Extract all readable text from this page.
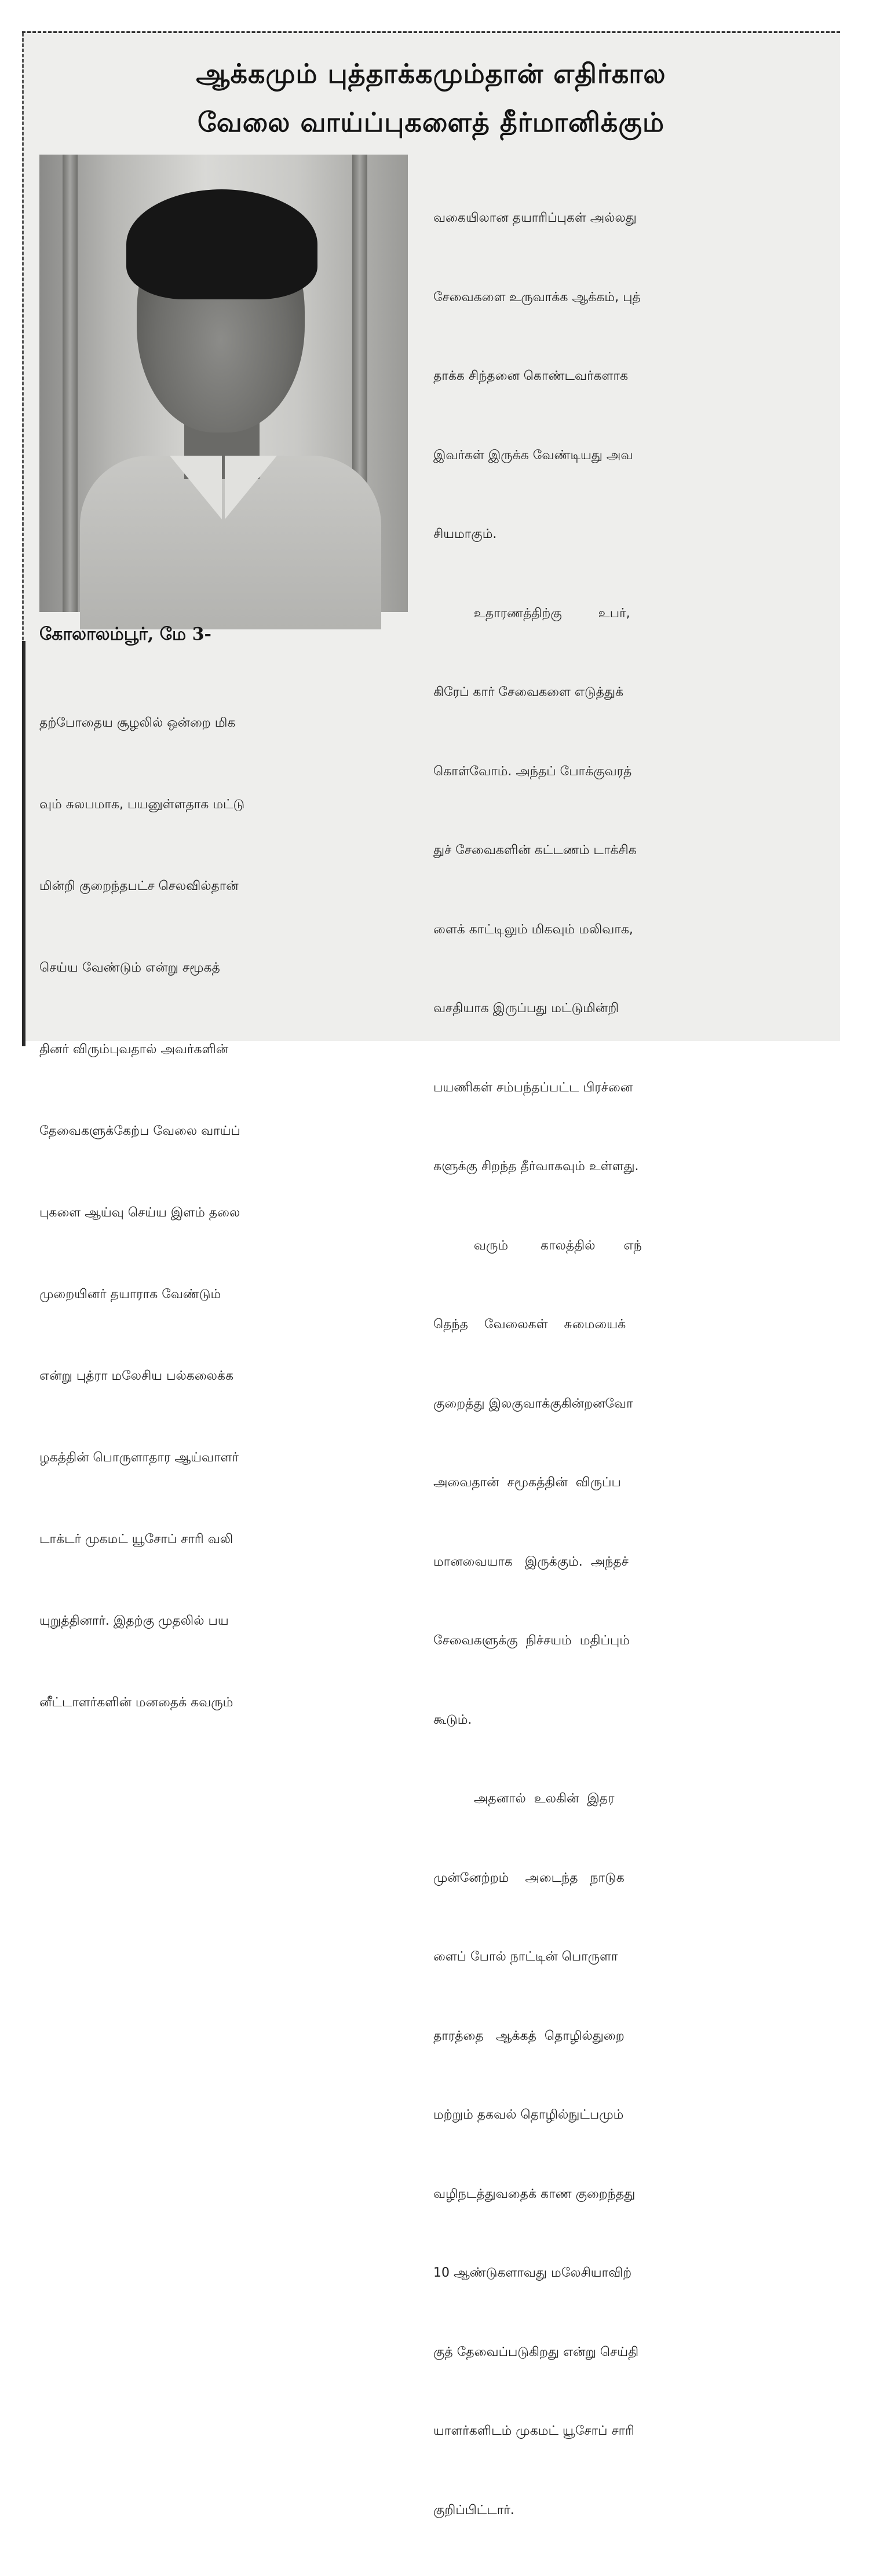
ஆக்கமும் புத்தாக்கமும்தான் எதிர்கால
வேலை வாய்ப்புகளைத் தீர்மானிக்கும்

கோலாலம்பூர், மே 3-

தற்போதைய சூழலில் ஒன்றை மிக

வும் சுலபமாக, பயனுள்ளதாக மட்டு

மின்றி குறைந்தபட்ச செலவில்தான்

செய்ய வேண்டும் என்று சமூகத்

தினர் விரும்புவதால் அவர்களின்

தேவைகளுக்கேற்ப வேலை வாய்ப்

புகளை ஆய்வு செய்ய இளம் தலை

முறையினர் தயாராக வேண்டும்

என்று புத்ரா மலேசிய பல்கலைக்க

ழகத்தின் பொருளாதார ஆய்வாளர்

டாக்டர் முகமட் யூசோப் சாரி வலி

யுறுத்தினார். இதற்கு முதலில் பய

னீட்டாளர்களின் மனதைக் கவரும்

வகையிலான தயாரிப்புகள் அல்லது

சேவைகளை உருவாக்க ஆக்கம், புத்

தாக்க சிந்தனை கொண்டவர்களாக

இவர்கள் இருக்க வேண்டியது அவ

சியமாகும்.

உதாரணத்திற்கு         உபர்,

கிரேப் கார் சேவைகளை எடுத்துக்

கொள்வோம். அந்தப் போக்குவரத்

துச் சேவைகளின் கட்டணம் டாக்சிக

ளைக் காட்டிலும் மிகவும் மலிவாக,

வசதியாக இருப்பது மட்டுமின்றி

பயணிகள் சம்பந்தப்பட்ட பிரச்னை

களுக்கு சிறந்த தீர்வாகவும் உள்ளது.

வரும்        காலத்தில்       எந்

தெந்த    வேலைகள்    சுமையைக்

குறைத்து இலகுவாக்குகின்றனவோ

அவைதான்  சமூகத்தின்  விருப்ப

மானவையாக   இருக்கும்.  அந்தச்

சேவைகளுக்கு  நிச்சயம்  மதிப்பும்

கூடும்.

அதனால்  உலகின்  இதர

முன்னேற்றம்    அடைந்த   நாடுக

ளைப் போல் நாட்டின் பொருளா

தாரத்தை   ஆக்கத்  தொழில்துறை

மற்றும் தகவல் தொழில்நுட்பமும்

வழிநடத்துவதைக் காண குறைந்தது

10 ஆண்டுகளாவது மலேசியாவிற்

குத் தேவைப்படுகிறது என்று செய்தி

யாளர்களிடம் முகமட் யூசோப் சாரி

குறிப்பிட்டார்.
